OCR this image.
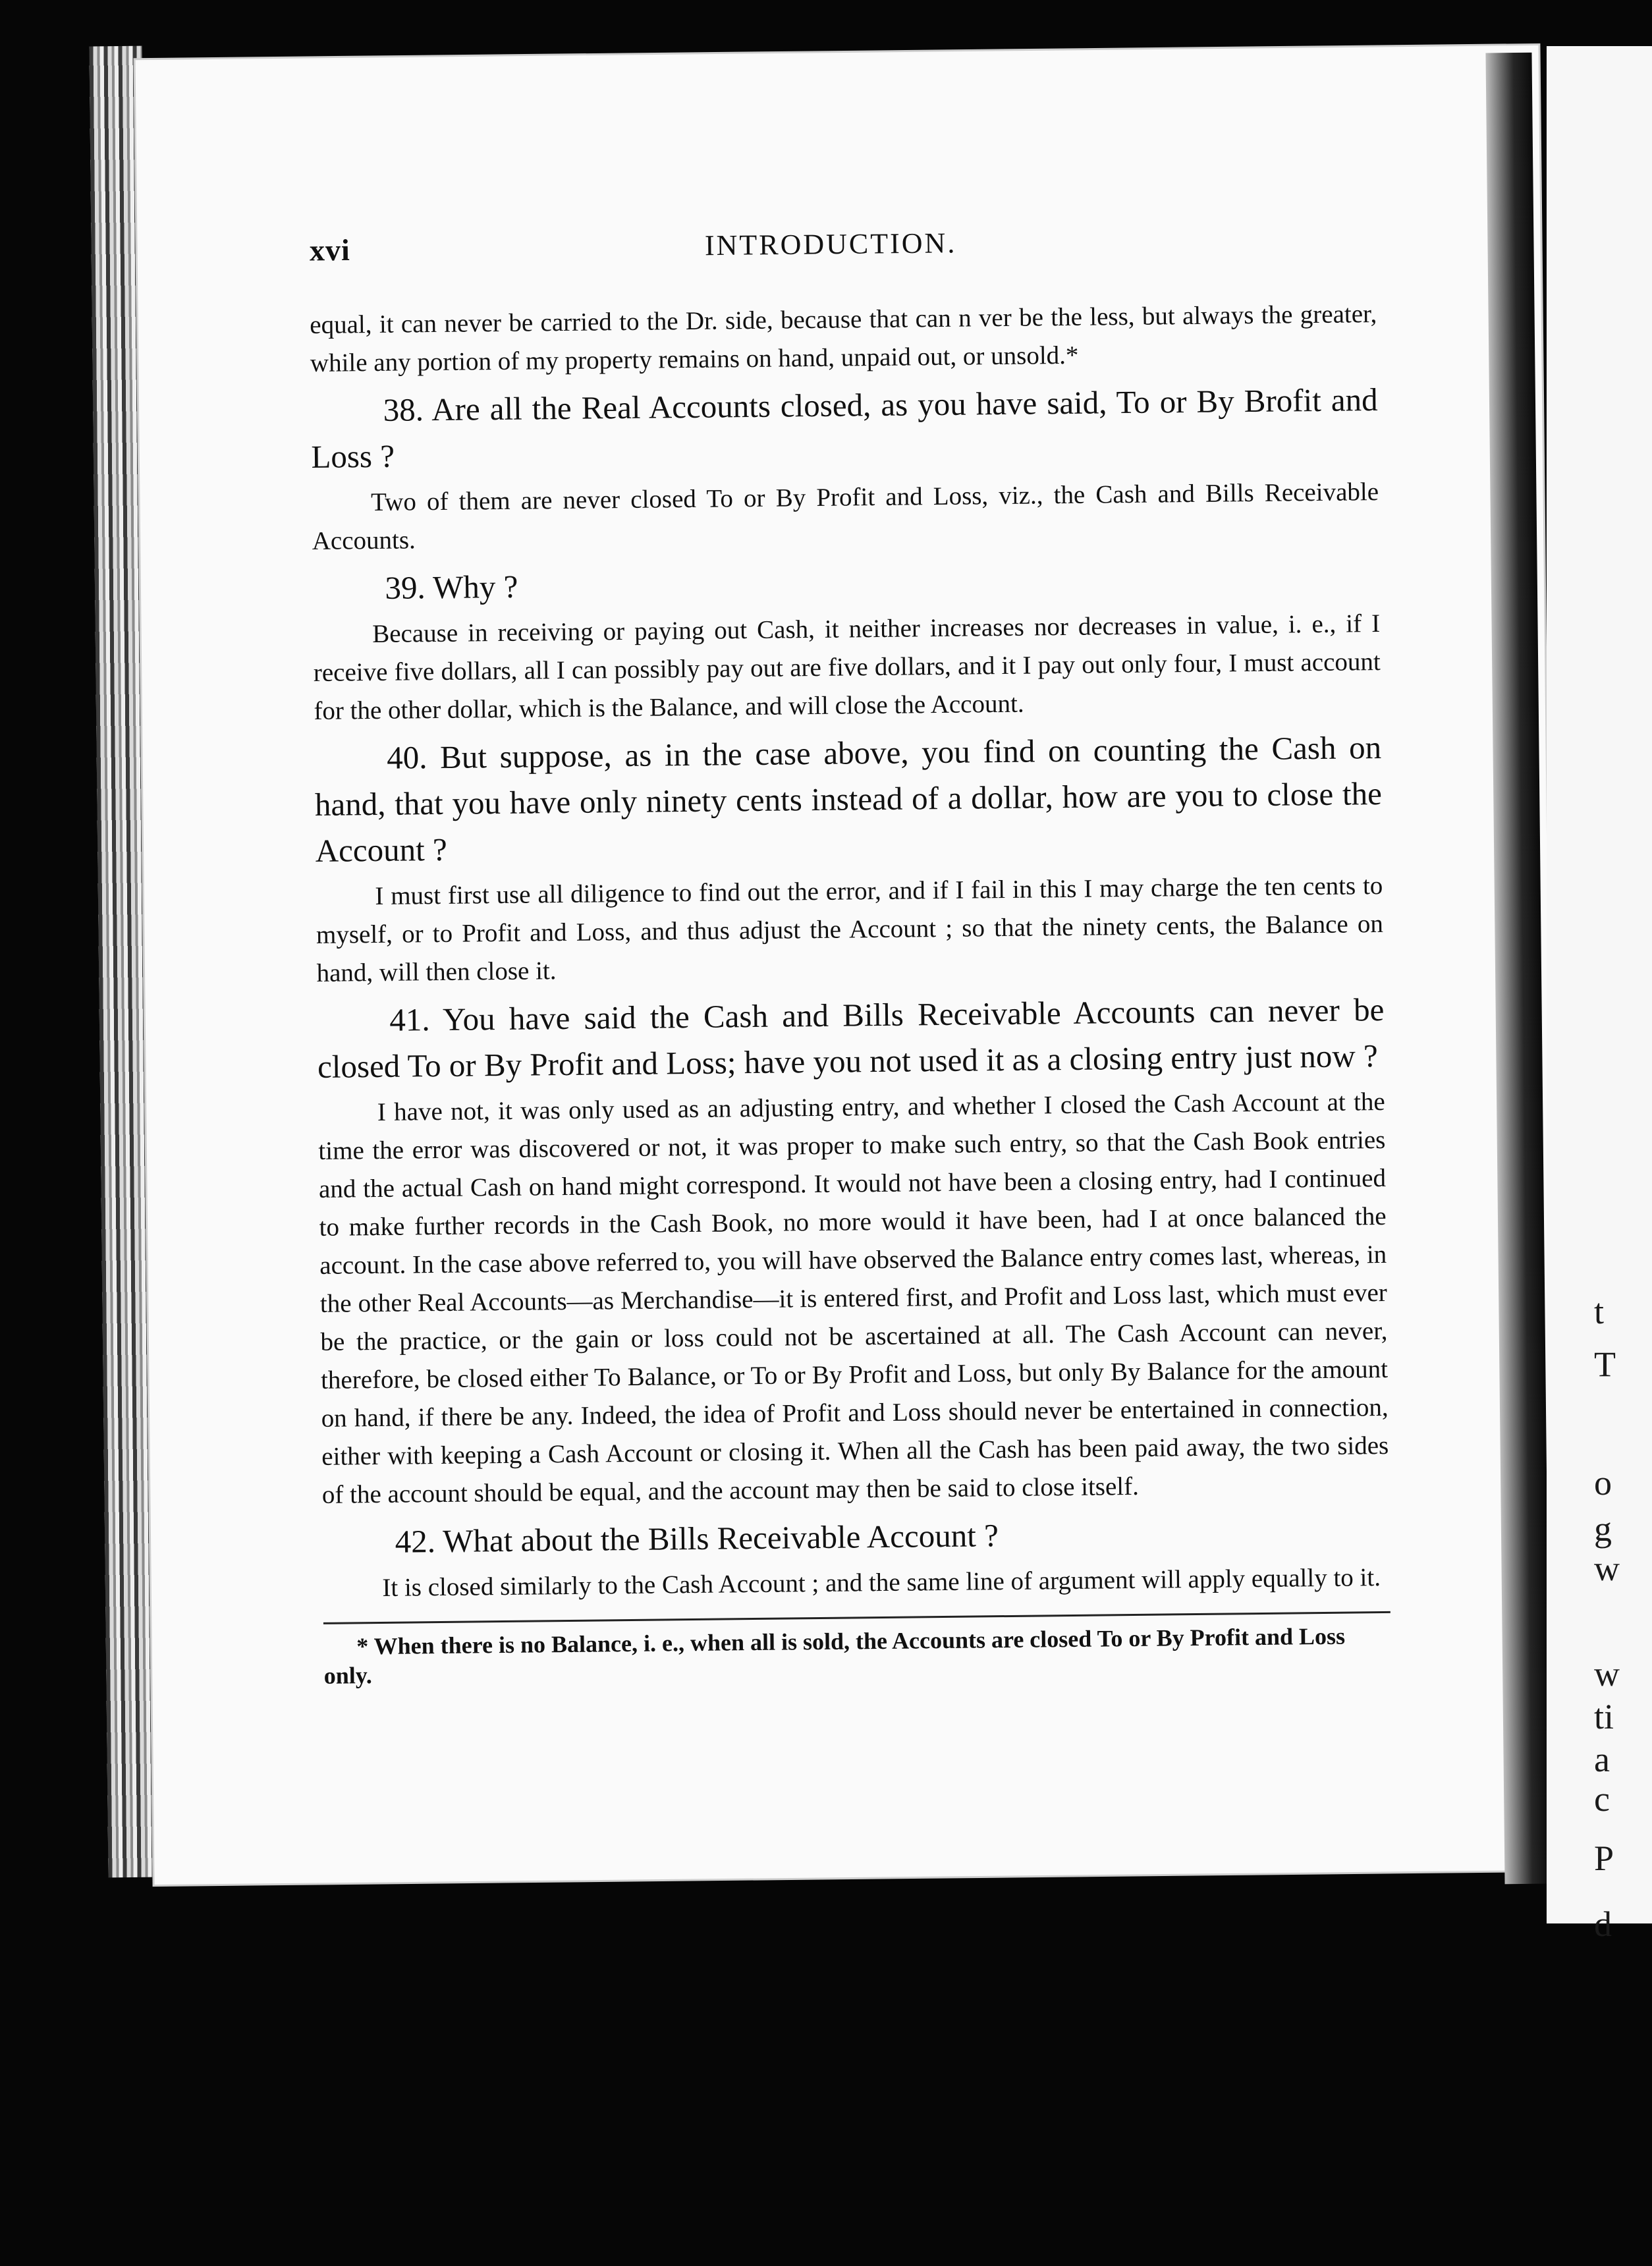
t
T
o
g
w
w
ti
a
c
P
d
xvi	INTRODUCTION.

equal, it can never be carried to the Dr. side, because that can n ver be the less, but always the greater, while any portion of my property remains on hand, unpaid out, or unsold.*

38. Are all the Real Accounts closed, as you have said, To or By Brofit and Loss ?

Two of them are never closed To or By Profit and Loss, viz., the Cash and Bills Receivable Accounts.

39. Why ?

Because in receiving or paying out Cash, it neither increases nor decreases in value, i. e., if I receive five dollars, all I can possibly pay out are five dollars, and it I pay out only four, I must account for the other dollar, which is the Balance, and will close the Account.

40. But suppose, as in the case above, you find on counting the Cash on hand, that you have only ninety cents instead of a dollar, how are you to close the Account ?

I must first use all diligence to find out the error, and if I fail in this I may charge the ten cents to myself, or to Profit and Loss, and thus adjust the Account ; so that the ninety cents, the Balance on hand, will then close it.

41. You have said the Cash and Bills Receivable Accounts can never be closed To or By Profit and Loss; have you not used it as a closing entry just now ?

I have not, it was only used as an adjusting entry, and whether I closed the Cash Account at the time the error was discovered or not, it was proper to make such entry, so that the Cash Book entries and the actual Cash on hand might correspond. It would not have been a closing entry, had I continued to make further records in the Cash Book, no more would it have been, had I at once balanced the account. In the case above referred to, you will have observed the Balance entry comes last, whereas, in the other Real Accounts—as Merchandise—it is entered first, and Profit and Loss last, which must ever be the practice, or the gain or loss could not be ascertained at all. The Cash Account can never, therefore, be closed either To Balance, or To or By Profit and Loss, but only By Balance for the amount on hand, if there be any. Indeed, the idea of Profit and Loss should never be entertained in connection, either with keeping a Cash Account or closing it. When all the Cash has been paid away, the two sides of the account should be equal, and the account may then be said to close itself.

42. What about the Bills Receivable Account ?

It is closed similarly to the Cash Account ; and the same line of argument will apply equally to it.

* When there is no Balance, i. e., when all is sold, the Accounts are closed To or By Profit and Loss only.
